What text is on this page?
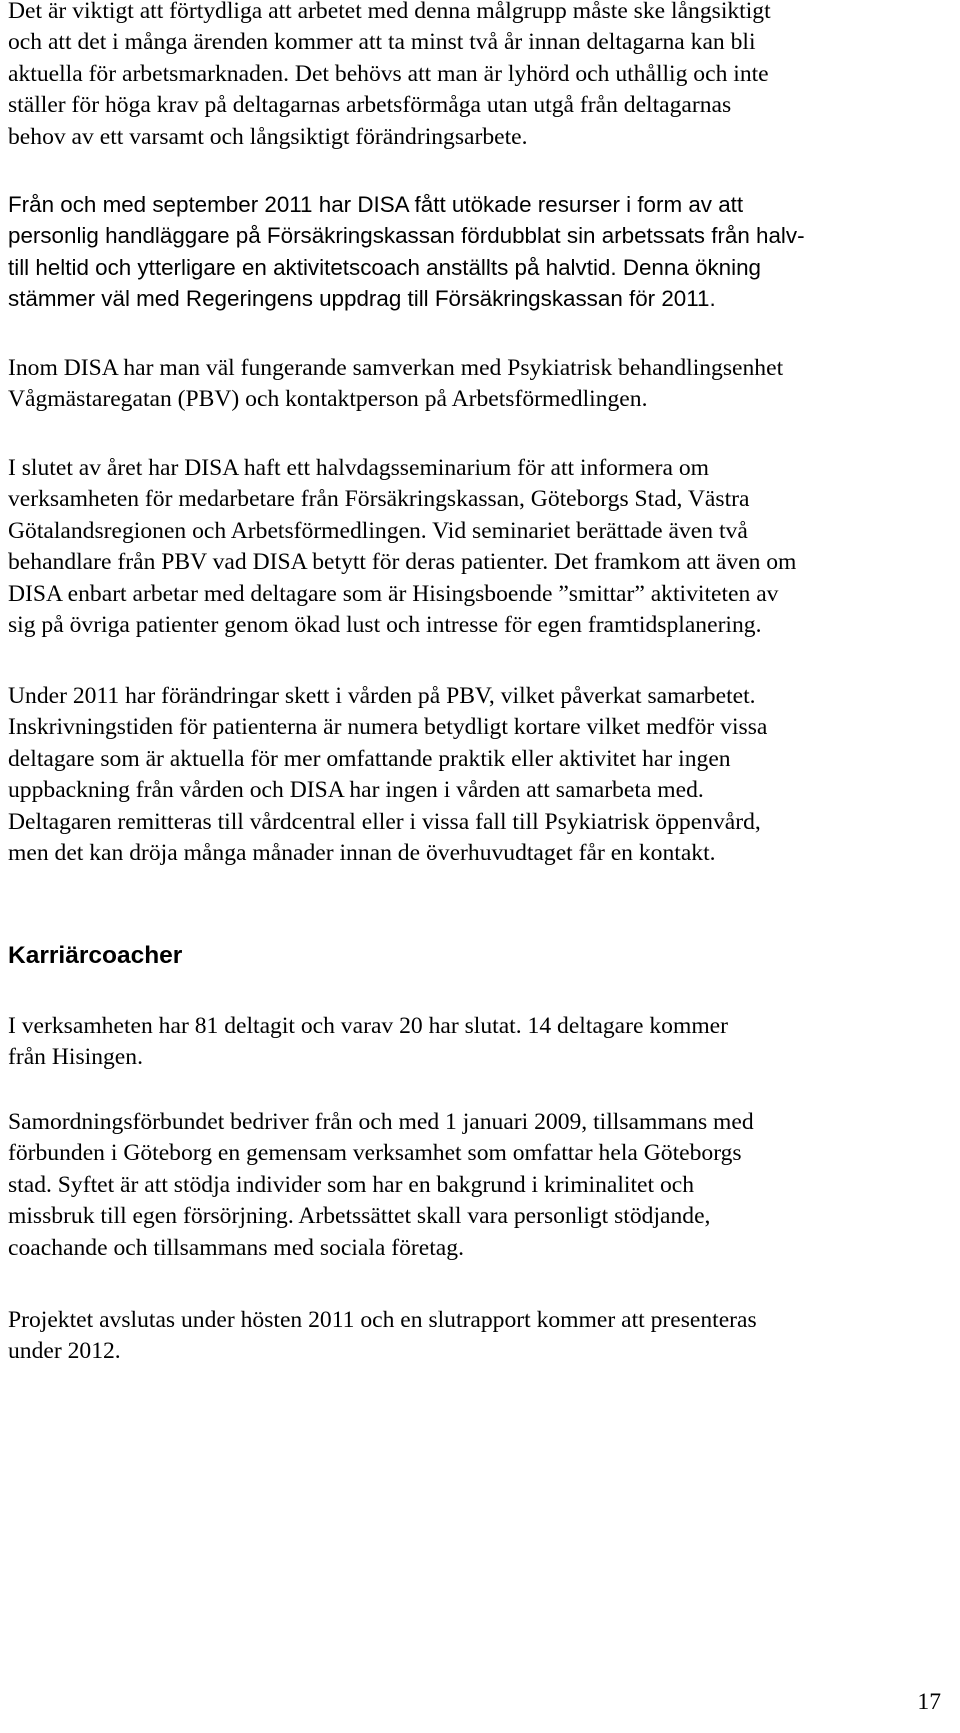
Det är viktigt att förtydliga att arbetet med denna målgrupp måste ske långsiktigt
och att det i många ärenden kommer att ta minst två år innan deltagarna kan bli
aktuella för arbetsmarknaden. Det behövs att man är lyhörd och uthållig och inte
ställer för höga krav på deltagarnas arbetsförmåga utan utgå från deltagarnas
behov av ett varsamt och långsiktigt förändringsarbete.

Från och med september 2011 har DISA fått utökade resurser i form av att
personlig handläggare på Försäkringskassan fördubblat sin arbetssats från halv-
till heltid och ytterligare en aktivitetscoach anställts på halvtid. Denna ökning
stämmer väl med Regeringens uppdrag till Försäkringskassan för 2011.

Inom DISA har man väl fungerande samverkan med Psykiatrisk behandlingsenhet
Vågmästaregatan (PBV) och kontaktperson på Arbetsförmedlingen.

I slutet av året har DISA haft ett halvdagsseminarium för att informera om
verksamheten för medarbetare från Försäkringskassan, Göteborgs Stad, Västra
Götalandsregionen och Arbetsförmedlingen. Vid seminariet berättade även två
behandlare från PBV vad DISA betytt för deras patienter. Det framkom att även om
DISA enbart arbetar med deltagare som är Hisingsboende ”smittar” aktiviteten av
sig på övriga patienter genom ökad lust och intresse för egen framtidsplanering.

Under 2011 har förändringar skett i vården på PBV, vilket påverkat samarbetet.
Inskrivningstiden för patienterna är numera betydligt kortare vilket medför vissa
deltagare som är aktuella för mer omfattande praktik eller aktivitet har ingen
uppbackning från vården och DISA har ingen i vården att samarbeta med.
Deltagaren remitteras till vårdcentral eller i vissa fall till Psykiatrisk öppenvård,
men det kan dröja många månader innan de överhuvudtaget får en kontakt.

Karriärcoacher

I verksamheten har 81 deltagit och varav 20 har slutat. 14 deltagare kommer
från Hisingen.

Samordningsförbundet bedriver från och med 1 januari 2009, tillsammans med
förbunden i Göteborg en gemensam verksamhet som omfattar hela Göteborgs
stad. Syftet är att stödja individer som har en bakgrund i kriminalitet och
missbruk till egen försörjning. Arbetssättet skall vara personligt stödjande,
coachande och tillsammans med sociala företag.

Projektet avslutas under hösten 2011 och en slutrapport kommer att presenteras
under 2012.

17
